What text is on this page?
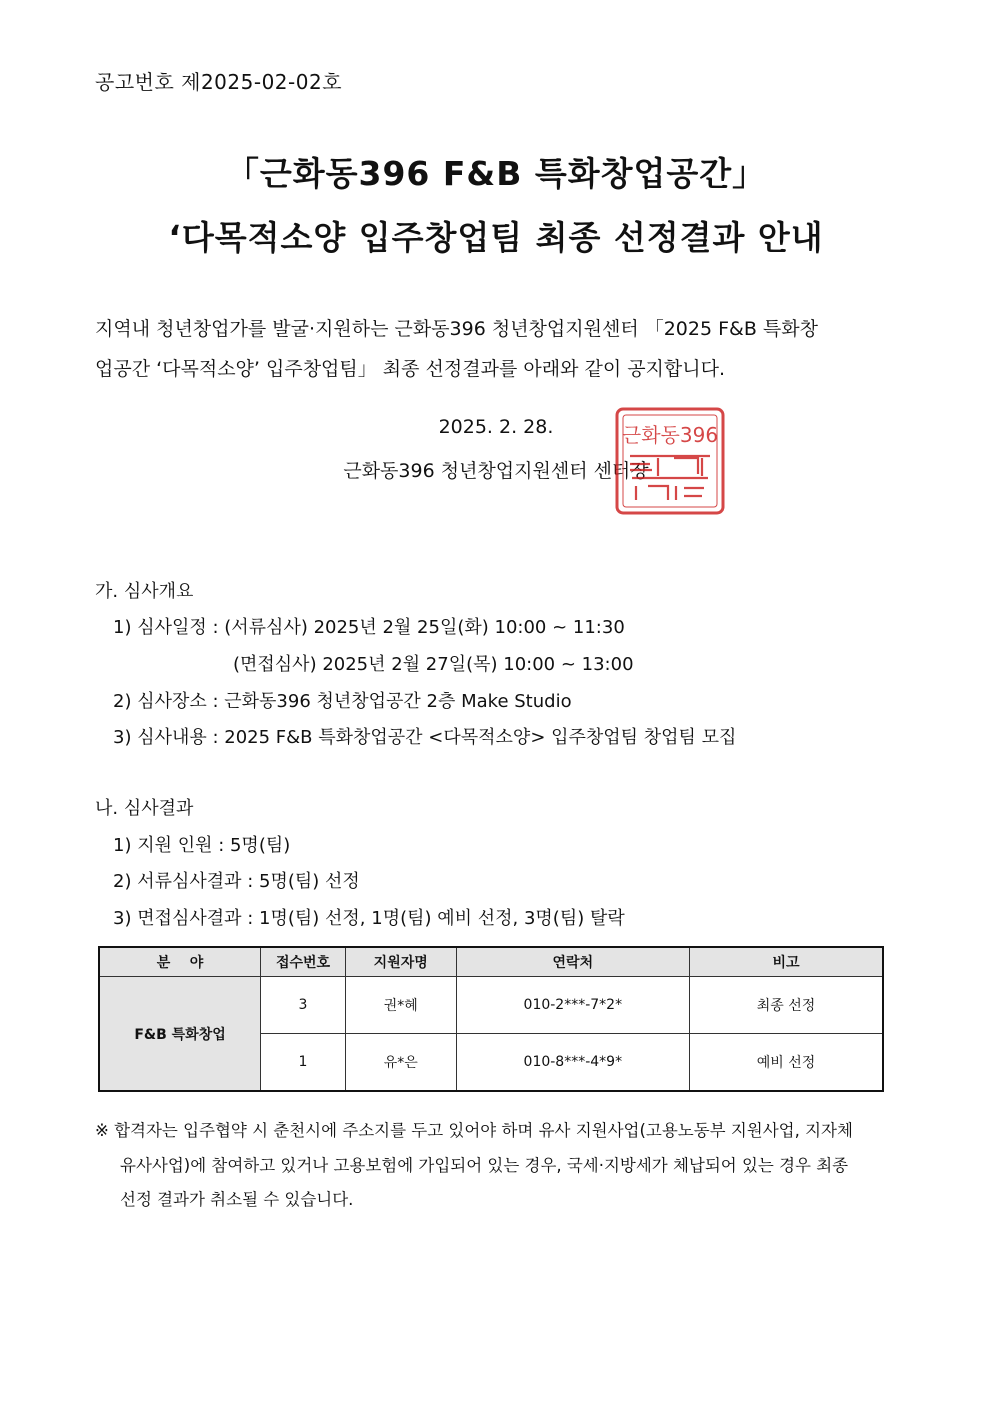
공고번호 제2025-02-02호
「근화동396 F&B 특화창업공간」
‘다목적소양 입주창업팀 최종 선정결과 안내
지역내 청년창업가를 발굴·지원하는 근화동396 청년창업지원센터 「2025 F&B 특화창
업공간 ‘다목적소양’ 입주창업팀」 최종 선정결과를 아래와 같이 공지합니다.
2025. 2. 28.
근화동396 청년창업지원센터 센터장
근화동396
가. 심사개요
1) 심사일정 : (서류심사) 2025년 2월 25일(화) 10:00 ~ 11:30
(면접심사) 2025년 2월 27일(목) 10:00 ~ 13:00
2) 심사장소 : 근화동396 청년창업공간 2층 Make Studio
3) 심사내용 : 2025 F&B 특화창업공간 <다목적소양> 입주창업팀 창업팀 모집
나. 심사결과
1) 지원 인원 : 5명(팀)
2) 서류심사결과 : 5명(팀) 선정
3) 면접심사결과 : 1명(팀) 선정, 1명(팀) 예비 선정, 3명(팀) 탈락
분    야	접수번호	지원자명	연락처	비고
F&B 특화창업	3	권*혜	010-2***-7*2*	최종 선정
	1	유*은	010-8***-4*9*	예비 선정
※ 합격자는 입주협약 시 춘천시에 주소지를 두고 있어야 하며 유사 지원사업(고용노동부 지원사업, 지자체
유사사업)에 참여하고 있거나 고용보험에 가입되어 있는 경우, 국세·지방세가 체납되어 있는 경우 최종
선정 결과가 취소될 수 있습니다.
